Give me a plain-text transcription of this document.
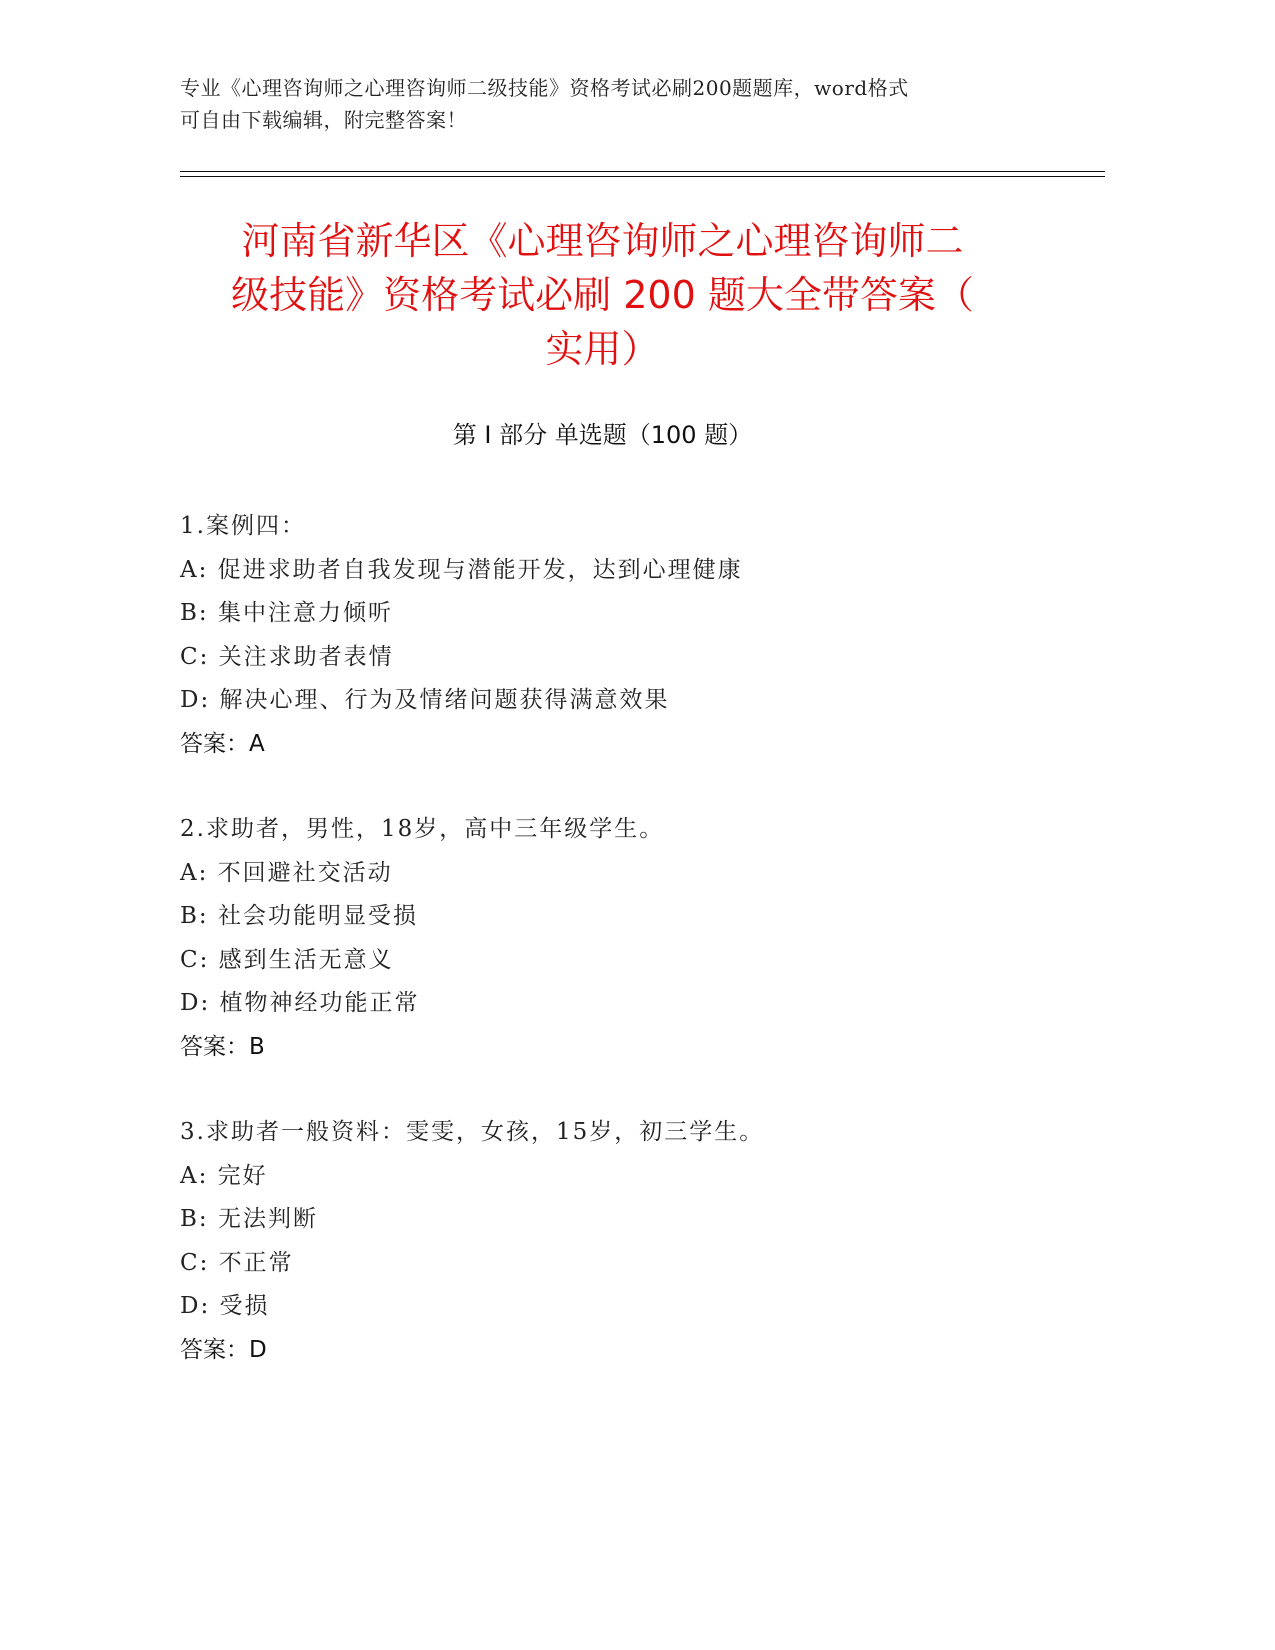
专业《心理咨询师之心理咨询师二级技能》资格考试必刷200题题库，word格式
可自由下载编辑，附完整答案！
河南省新华区《心理咨询师之心理咨询师二
级技能》资格考试必刷 200 题大全带答案（
实用）
第 I 部分 单选题（100 题）
1.案例四：
A: 促进求助者自我发现与潜能开发，达到心理健康
B: 集中注意力倾听
C: 关注求助者表情
D: 解决心理、行为及情绪问题获得满意效果
答案：A
2.求助者，男性，18岁，高中三年级学生。
A: 不回避社交活动
B: 社会功能明显受损
C: 感到生活无意义
D: 植物神经功能正常
答案：B
3.求助者一般资料：雯雯，女孩，15岁，初三学生。
A: 完好
B: 无法判断
C: 不正常
D: 受损
答案：D
